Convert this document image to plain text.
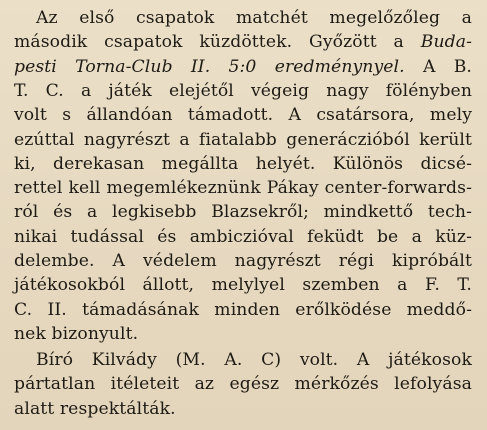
Az első csapatok matchét megelőzőleg a
második csapatok küzdöttek. Győzött a Buda-
pesti Torna-Club II. 5:0 eredménynyel. A B.
T. C. a játék elejétől végeig nagy fölényben
volt s állandóan támadott. A csatársora, mely
ezúttal nagyrészt a fiatalabb generáczióból került
ki, derekasan megállta helyét. Különös dicsé-
rettel kell megemlékeznünk Pákay center-forwards-
ról és a legkisebb Blazsekről; mindkettő tech-
nikai tudással és ambiczióval feküdt be a küz-
delembe. A védelem nagyrészt régi kipróbált
játékosokból állott, melylyel szemben a F. T.
C. II. támadásának minden erőlködése meddő-
nek bizonyult.
Bíró Kilvády (M. A. C) volt. A játékosok
pártatlan itéleteit az egész mérkőzés lefolyása
alatt respektálták.
